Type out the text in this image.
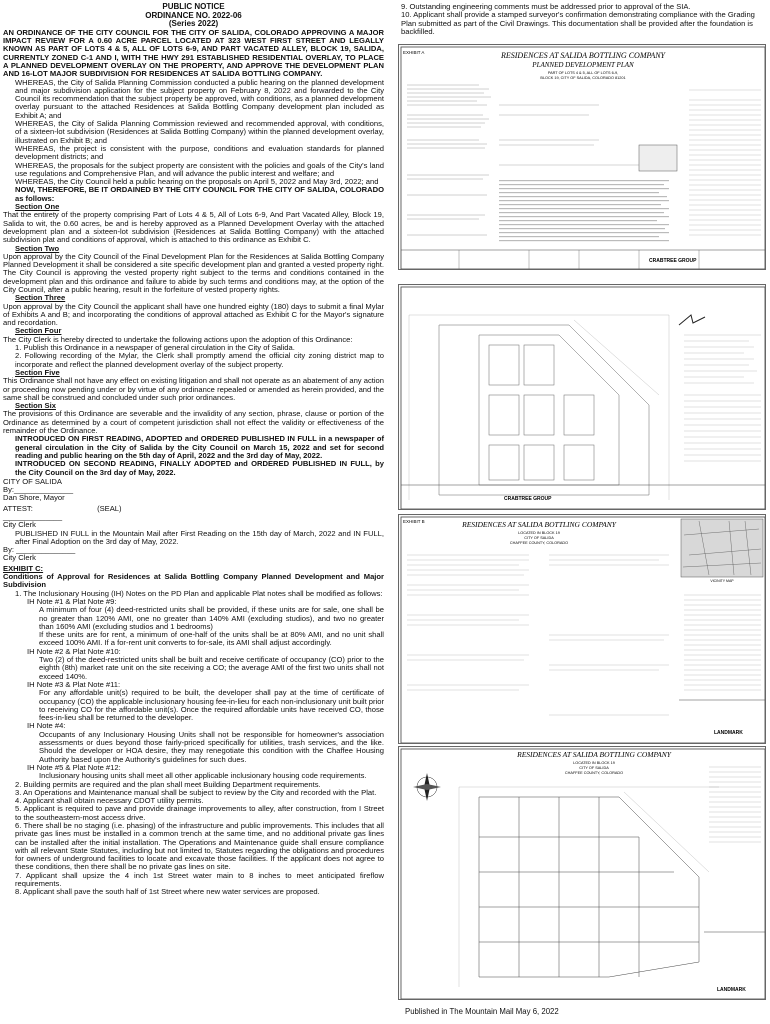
PUBLIC NOTICE
ORDINANCE NO. 2022-06
(Series 2022)

AN ORDINANCE OF THE CITY COUNCIL FOR THE CITY OF SALIDA, COLORADO APPROVING A MAJOR IMPACT REVIEW FOR A 0.60 ACRE PARCEL LOCATED AT 323 WEST FIRST STREET AND LEGALLY KNOWN AS PART OF LOTS 4 & 5, ALL OF LOTS 6-9, AND PART VACATED ALLEY, BLOCK 19, SALIDA, CURRENTLY ZONED C-1 AND I, WITH THE HWY 291 ESTABLISHED RESIDENTIAL OVERLAY, TO PLACE A PLANNED DEVELOPMENT OVERLAY ON THE PROPERTY, AND APPROVE THE DEVELOPMENT PLAN AND 16-LOT MAJOR SUBDIVISION FOR RESIDENCES AT SALIDA BOTTLING COMPANY.

WHEREAS, the City of Salida Planning Commission conducted a public hearing on the planned development and major subdivision application for the subject property on February 8, 2022 and forwarded to the City Council its recommendation that the subject property be approved, with conditions, as a planned development overlay pursuant to the attached Residences at Salida Bottling Company development plan included as Exhibit A; and

WHEREAS, the City of Salida Planning Commission reviewed and recommended approval, with conditions, of a sixteen-lot subdivision (Residences at Salida Bottling Company) within the planned development overlay, illustrated on Exhibit B; and

WHEREAS, the project is consistent with the purpose, conditions and evaluation standards for planned development districts; and

WHEREAS, the proposals for the subject property are consistent with the policies and goals of the City's land use regulations and Comprehensive Plan, and will advance the public interest and welfare; and

WHEREAS, the City Council held a public hearing on the proposals on April 5, 2022 and May 3rd, 2022; and

NOW, THEREFORE, BE IT ORDAINED BY THE CITY COUNCIL FOR THE CITY OF SALIDA, COLORADO as follows:

Section One

That the entirety of the property comprising Part of Lots 4 & 5, All of Lots 6-9, And Part Vacated Alley, Block 19, Salida to wit, the 0.60 acres, be and is hereby approved as a Planned Development Overlay with the attached development plan and a sixteen-lot subdivision (Residences at Salida Bottling Company) with the attached subdivision plat and conditions of approval, which is attached to this ordinance as Exhibit C.

Section Two

Upon approval by the City Council of the Final Development Plan for the Residences at Salida Bottling Company Planned Development it shall be considered a site specific development plan and granted a vested property right. The City Council is approving the vested property right subject to the terms and conditions contained in the development plan and this ordinance and failure to abide by such terms and conditions may, at the option of the City Council, after a public hearing, result in the forfeiture of vested property rights.

Section Three

Upon approval by the City Council the applicant shall have one hundred eighty (180) days to submit a final Mylar of Exhibits A and B; and incorporating the conditions of approval attached as Exhibit C for the Mayor's signature and recordation.

Section Four

The City Clerk is hereby directed to undertake the following actions upon the adoption of this Ordinance:

1. Publish this Ordinance in a newspaper of general circulation in the City of Salida.

2. Following recording of the Mylar, the Clerk shall promptly amend the official city zoning district map to incorporate and reflect the planned development overlay of the subject property.

Section Five

This Ordinance shall not have any effect on existing litigation and shall not operate as an abatement of any action or proceeding now pending under or by virtue of any ordinance repealed or amended as herein provided, and the same shall be construed and concluded under such prior ordinances.

Section Six

The provisions of this Ordinance are severable and the invalidity of any section, phrase, clause or portion of the Ordinance as determined by a court of competent jurisdiction shall not effect the validity or effectiveness of the remainder of the Ordinance.

INTRODUCED ON FIRST READING, ADOPTED and ORDERED PUBLISHED IN FULL in a newspaper of general circulation in the City of Salida by the City Council on March 15, 2022 and set for second reading and public hearing on the 5th day of April, 2022 and the 3rd day of May, 2022.

INTRODUCED ON SECOND READING, FINALLY ADOPTED and ORDERED PUBLISHED IN FULL, by the City Council on the 3rd day of May, 2022.

CITY OF SALIDA

By:______________

Dan Shore, Mayor

ATTEST:	(SEAL)

______________

City Clerk

PUBLISHED IN FULL in the Mountain Mail after First Reading on the 15th day of March, 2022 and IN FULL, after Final Adoption on the 3rd day of May, 2022.

By: ______________

City Clerk

EXHIBIT C:

Conditions of Approval for Residences at Salida Bottling Company Planned Development and Major Subdivision

1. The Inclusionary Housing (IH) Notes on the PD Plan and applicable Plat notes shall be modified as follows:

IH Note #1 & Plat Note #9:

A minimum of four (4) deed-restricted units shall be provided, if these units are for sale, one shall be no greater than 120% AMI, one no greater than 140% AMI (excluding studios), and two no greater than 160% AMI (excluding studios and 1 bedrooms)
If these units are for rent, a minimum of one-half of the units shall be at 80% AMI, and no unit shall exceed 100% AMI. If a for-rent unit converts to for-sale, its AMI shall adjust accordingly.

IH Note #2 & Plat Note #10:

Two (2) of the deed-restricted units shall be built and receive certificate of occupancy (CO) prior to the eighth (8th) market rate unit on the site receiving a CO; the average AMI of the first two units shall not exceed 140%.

IH Note #3 & Plat Note #11:

For any affordable unit(s) required to be built, the developer shall pay at the time of certificate of occupancy (CO) the applicable inclusionary housing fee-in-lieu for each non-inclusionary unit built prior to receiving CO for the affordable unit(s). Once the required affordable units have received CO, those fees-in-lieu shall be returned to the developer.

IH Note #4:

Occupants of any Inclusionary Housing Units shall not be responsible for homeowner's association assessments or dues beyond those fairly-priced specifically for utilities, trash services, and the like. Should the developer or HOA desire, they may renegotiate this condition with the Chaffee Housing Authority based upon the Authority's guidelines for such dues.

IH Note #5 & Plat Note #12:

Inclusionary housing units shall meet all other applicable inclusionary housing code requirements.

2. Building permits are required and the plan shall meet Building Department requirements.

3. An Operations and Maintenance manual shall be subject to review by the City and recorded with the Plat.

4. Applicant shall obtain necessary CDOT utility permits.

5. Applicant is required to pave and provide drainage improvements to alley, after construction, from I Street to the southeastern-most access drive.

6. There shall be no staging (i.e. phasing) of the infrastructure and public improvements. This includes that all private gas lines must be installed in a common trench at the same time, and no additional private gas lines can be installed after the initial installation. The Operations and Maintenance guide shall ensure compliance with all relevant State Statutes, including but not limited to, Statutes regarding the obligations and procedures for owners of underground facilities to locate and excavate those facilities. If the applicant does not agree to these conditions, then there shall be no private gas lines on site.

7. Applicant shall upsize the 4 inch 1st Street water main to 8 inches to meet anticipated fireflow requirements.

8. Applicant shall pave the south half of 1st Street where new water services are proposed.

9. Outstanding engineering comments must be addressed prior to approval of the SIA.

10. Applicant shall provide a stamped surveyor's confirmation demonstrating compliance with the Grading Plan submitted as part of the Civil Drawings. This documentation shall be provided after the foundation is backfilled.

EXHIBIT A	RESIDENCES AT SALIDA BOTTLING COMPANY
PLANNED DEVELOPMENT PLAN
PART OF LOTS 4 & 5, ALL OF LOTS 6-9,
BLOCK 19, CITY OF SALIDA, COLORADO 81201
CRABTREE GROUP
CRABTREE GROUP
EXHIBIT B	RESIDENCES AT SALIDA BOTTLING COMPANY
LOCATED IN BLOCK 19
CITY OF SALIDA
CHAFFEE COUNTY, COLORADO
VICINITY MAP
LANDMARK
RESIDENCES AT SALIDA BOTTLING COMPANY
LOCATED IN BLOCK 19
CITY OF SALIDA
CHAFFEE COUNTY, COLORADO
LANDMARK
Published in The Mountain Mail May 6, 2022
